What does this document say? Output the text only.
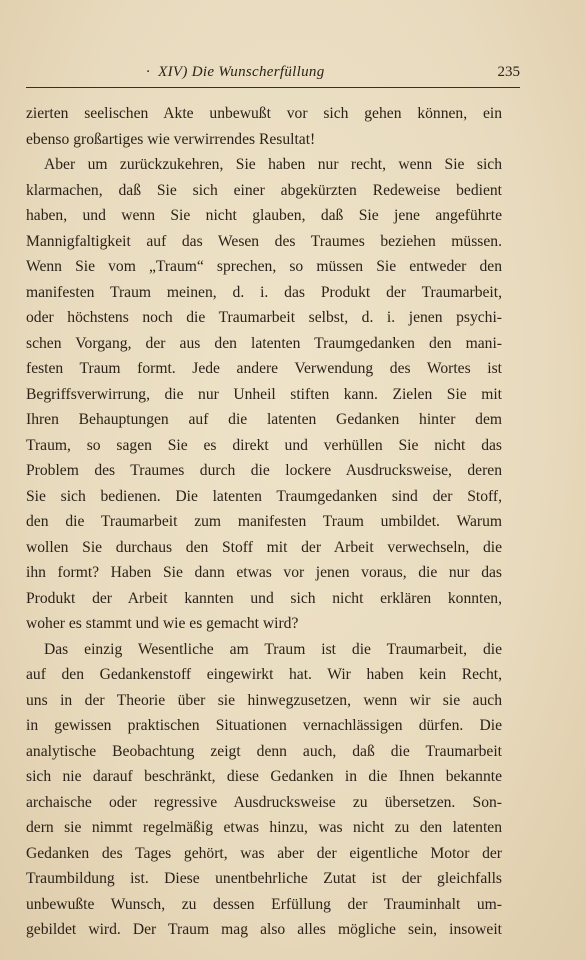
· XIV) Die Wunscherfüllung	235
zierten seelischen Akte unbewußt vor sich gehen können, ein
ebenso großartiges wie verwirrendes Resultat!
Aber um zurückzukehren, Sie haben nur recht, wenn Sie sich
klarmachen, daß Sie sich einer abgekürzten Redeweise bedient
haben, und wenn Sie nicht glauben, daß Sie jene angeführte
Mannigfaltigkeit auf das Wesen des Traumes beziehen müssen.
Wenn Sie vom „Traum“ sprechen, so müssen Sie entweder den
manifesten Traum meinen, d. i. das Produkt der Traumarbeit,
oder höchstens noch die Traumarbeit selbst, d. i. jenen psychi-
schen Vorgang, der aus den latenten Traumgedanken den mani-
festen Traum formt. Jede andere Verwendung des Wortes ist
Begriffsverwirrung, die nur Unheil stiften kann. Zielen Sie mit
Ihren Behauptungen auf die latenten Gedanken hinter dem
Traum, so sagen Sie es direkt und verhüllen Sie nicht das
Problem des Traumes durch die lockere Ausdrucksweise, deren
Sie sich bedienen. Die latenten Traumgedanken sind der Stoff,
den die Traumarbeit zum manifesten Traum umbildet. Warum
wollen Sie durchaus den Stoff mit der Arbeit verwechseln, die
ihn formt? Haben Sie dann etwas vor jenen voraus, die nur das
Produkt der Arbeit kannten und sich nicht erklären konnten,
woher es stammt und wie es gemacht wird?
Das einzig Wesentliche am Traum ist die Traumarbeit, die
auf den Gedankenstoff eingewirkt hat. Wir haben kein Recht,
uns in der Theorie über sie hinwegzusetzen, wenn wir sie auch
in gewissen praktischen Situationen vernachlässigen dürfen. Die
analytische Beobachtung zeigt denn auch, daß die Traumarbeit
sich nie darauf beschränkt, diese Gedanken in die Ihnen bekannte
archaische oder regressive Ausdrucksweise zu übersetzen. Son-
dern sie nimmt regelmäßig etwas hinzu, was nicht zu den latenten
Gedanken des Tages gehört, was aber der eigentliche Motor der
Traumbildung ist. Diese unentbehrliche Zutat ist der gleichfalls
unbewußte Wunsch, zu dessen Erfüllung der Trauminhalt um-
gebildet wird. Der Traum mag also alles mögliche sein, insoweit
